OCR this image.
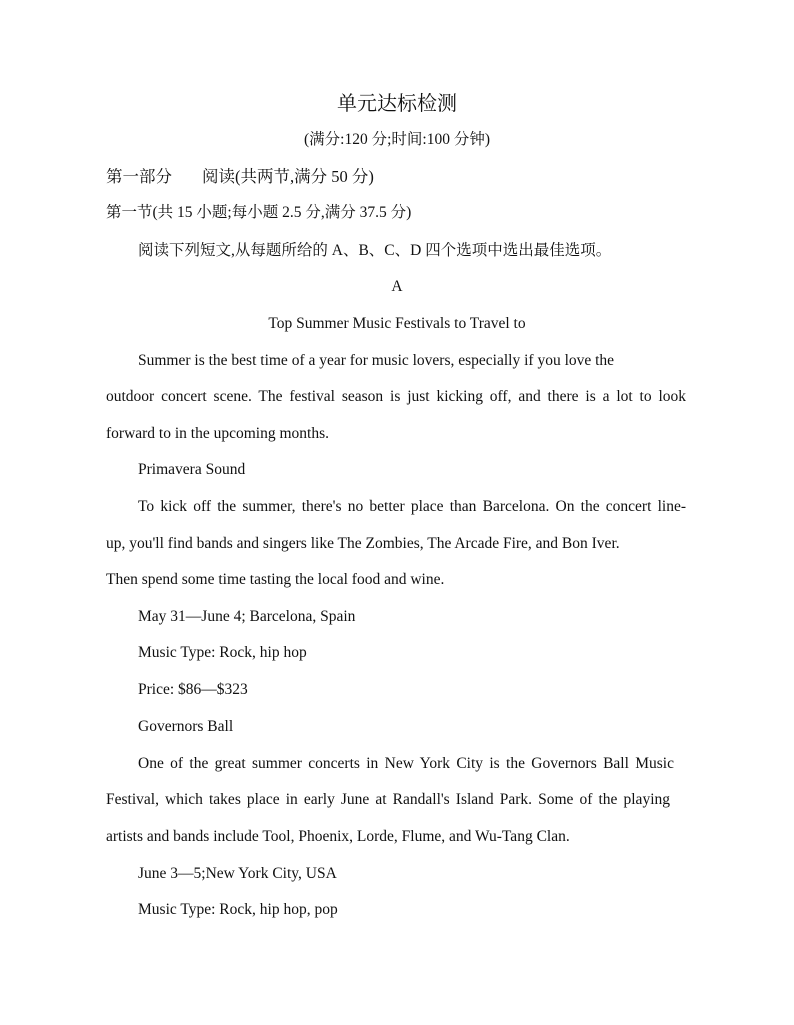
单元达标检测
(满分:120 分;时间:100 分钟)
第一部分 阅读(共两节,满分 50 分)
第一节(共 15 小题;每小题 2.5 分,满分 37.5 分)
阅读下列短文,从每题所给的 A、B、C、D 四个选项中选出最佳选项。
A
Top Summer Music Festivals to Travel to
Summer is the best time of a year for music lovers, especially if you love the
outdoor concert scene. The festival season is just kicking off, and there is a lot to look
forward to in the upcoming months.
Primavera Sound
To kick off the summer, there's no better place than Barcelona. On the concert line-
up, you'll find bands and singers like The Zombies, The Arcade Fire, and Bon Iver.
Then spend some time tasting the local food and wine.
May 31—June 4; Barcelona, Spain
Music Type: Rock, hip hop
Price: $86—$323
Governors Ball
One of the great summer concerts in New York City is the Governors Ball Music
Festival, which takes place in early June at Randall's Island Park. Some of the playing
artists and bands include Tool, Phoenix, Lorde, Flume, and Wu-Tang Clan.
June 3—5;New York City, USA
Music Type: Rock, hip hop, pop
